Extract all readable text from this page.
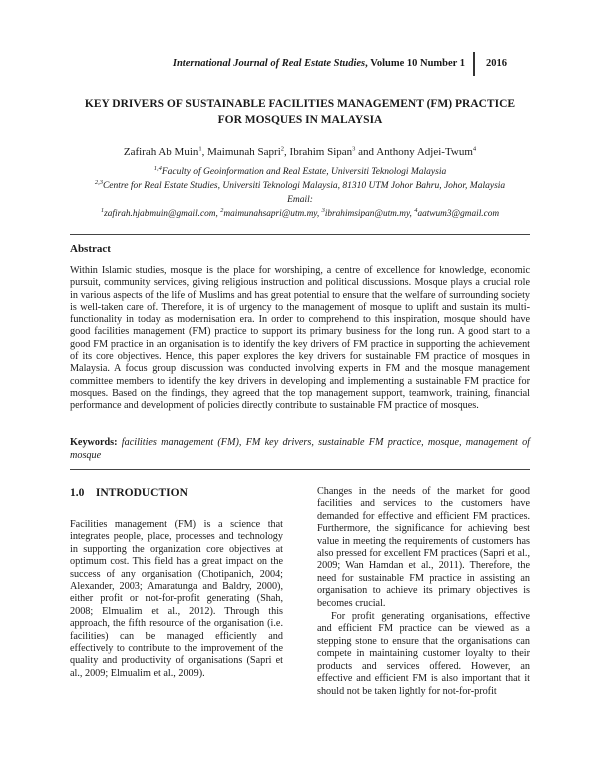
International Journal of Real Estate Studies, Volume 10 Number 1 2016
KEY DRIVERS OF SUSTAINABLE FACILITIES MANAGEMENT (FM) PRACTICE
FOR MOSQUES IN MALAYSIA
Zafirah Ab Muin$^1$, Maimunah Sapri$^2$, Ibrahim Sipan$^3$ and Anthony Adjei-Twum$^4$
$^{1,4}$Faculty of Geoinformation and Real Estate, Universiti Teknologi Malaysia
$^{2,3}$Centre for Real Estate Studies, Universiti Teknologi Malaysia, 81310 UTM Johor Bahru, Johor, Malaysia
Email:
$^1$zafirah.hjabmuin@gmail.com, $^2$maimunahsapri@utm.my, $^3$ibrahimsipan@utm.my, $^4$aatwum3@gmail.com
Abstract
Within Islamic studies, mosque is the place for worshiping, a centre of excellence for knowledge, economic pursuit, community services, giving religious instruction and political discussions. Mosque plays a crucial role in various aspects of the life of Muslims and has great potential to ensure that the welfare of surrounding society is well-taken care of. Therefore, it is of urgency to the management of mosque to uplift and sustain its multi-functionality in today as modernisation era. In order to comprehend to this inspiration, mosque should have good facilities management (FM) practice to support its primary business for the long run. A good start to a good FM practice in an organisation is to identify the key drivers of FM practice in supporting the achievement of its core objectives. Hence, this paper explores the key drivers for sustainable FM practice of mosques in Malaysia. A focus group discussion was conducted involving experts in FM and the mosque management committee members to identify the key drivers in developing and implementing a sustainable FM practice for mosques. Based on the findings, they agreed that the top management support, teamwork, training, financial performance and development of policies directly contribute to sustainable FM practice of mosques.
Keywords: facilities management (FM), FM key drivers, sustainable FM practice, mosque, management of mosque
1.0 INTRODUCTION

Facilities management (FM) is a science that integrates people, place, processes and technology in supporting the organization core objectives at optimum cost. This field has a great impact on the success of any organisation (Chotipanich, 2004; Alexander, 2003; Amaratunga and Baldry, 2000), either profit or not-for-profit generating (Shah, 2008; Elmualim et al., 2012). Through this approach, the fifth resource of the organisation (i.e. facilities) can be managed efficiently and effectively to contribute to the improvement of the quality and productivity of organisations (Sapri et al., 2009; Elmualim et al., 2009).

Changes in the needs of the market for good facilities and services to the customers have demanded for effective and efficient FM practices. Furthermore, the significance for achieving best value in meeting the requirements of customers has also pressed for excellent FM practices (Sapri et al., 2009; Wan Hamdan et al., 2011). Therefore, the need for sustainable FM practice in assisting an organisation to achieve its primary objectives is becomes crucial.

For profit generating organisations, effective and efficient FM practice can be viewed as a stepping stone to ensure that the organisations can compete in maintaining customer loyalty to their products and services offered. However, an effective and efficient FM is also important that it should not be taken lightly for not-for-profit
